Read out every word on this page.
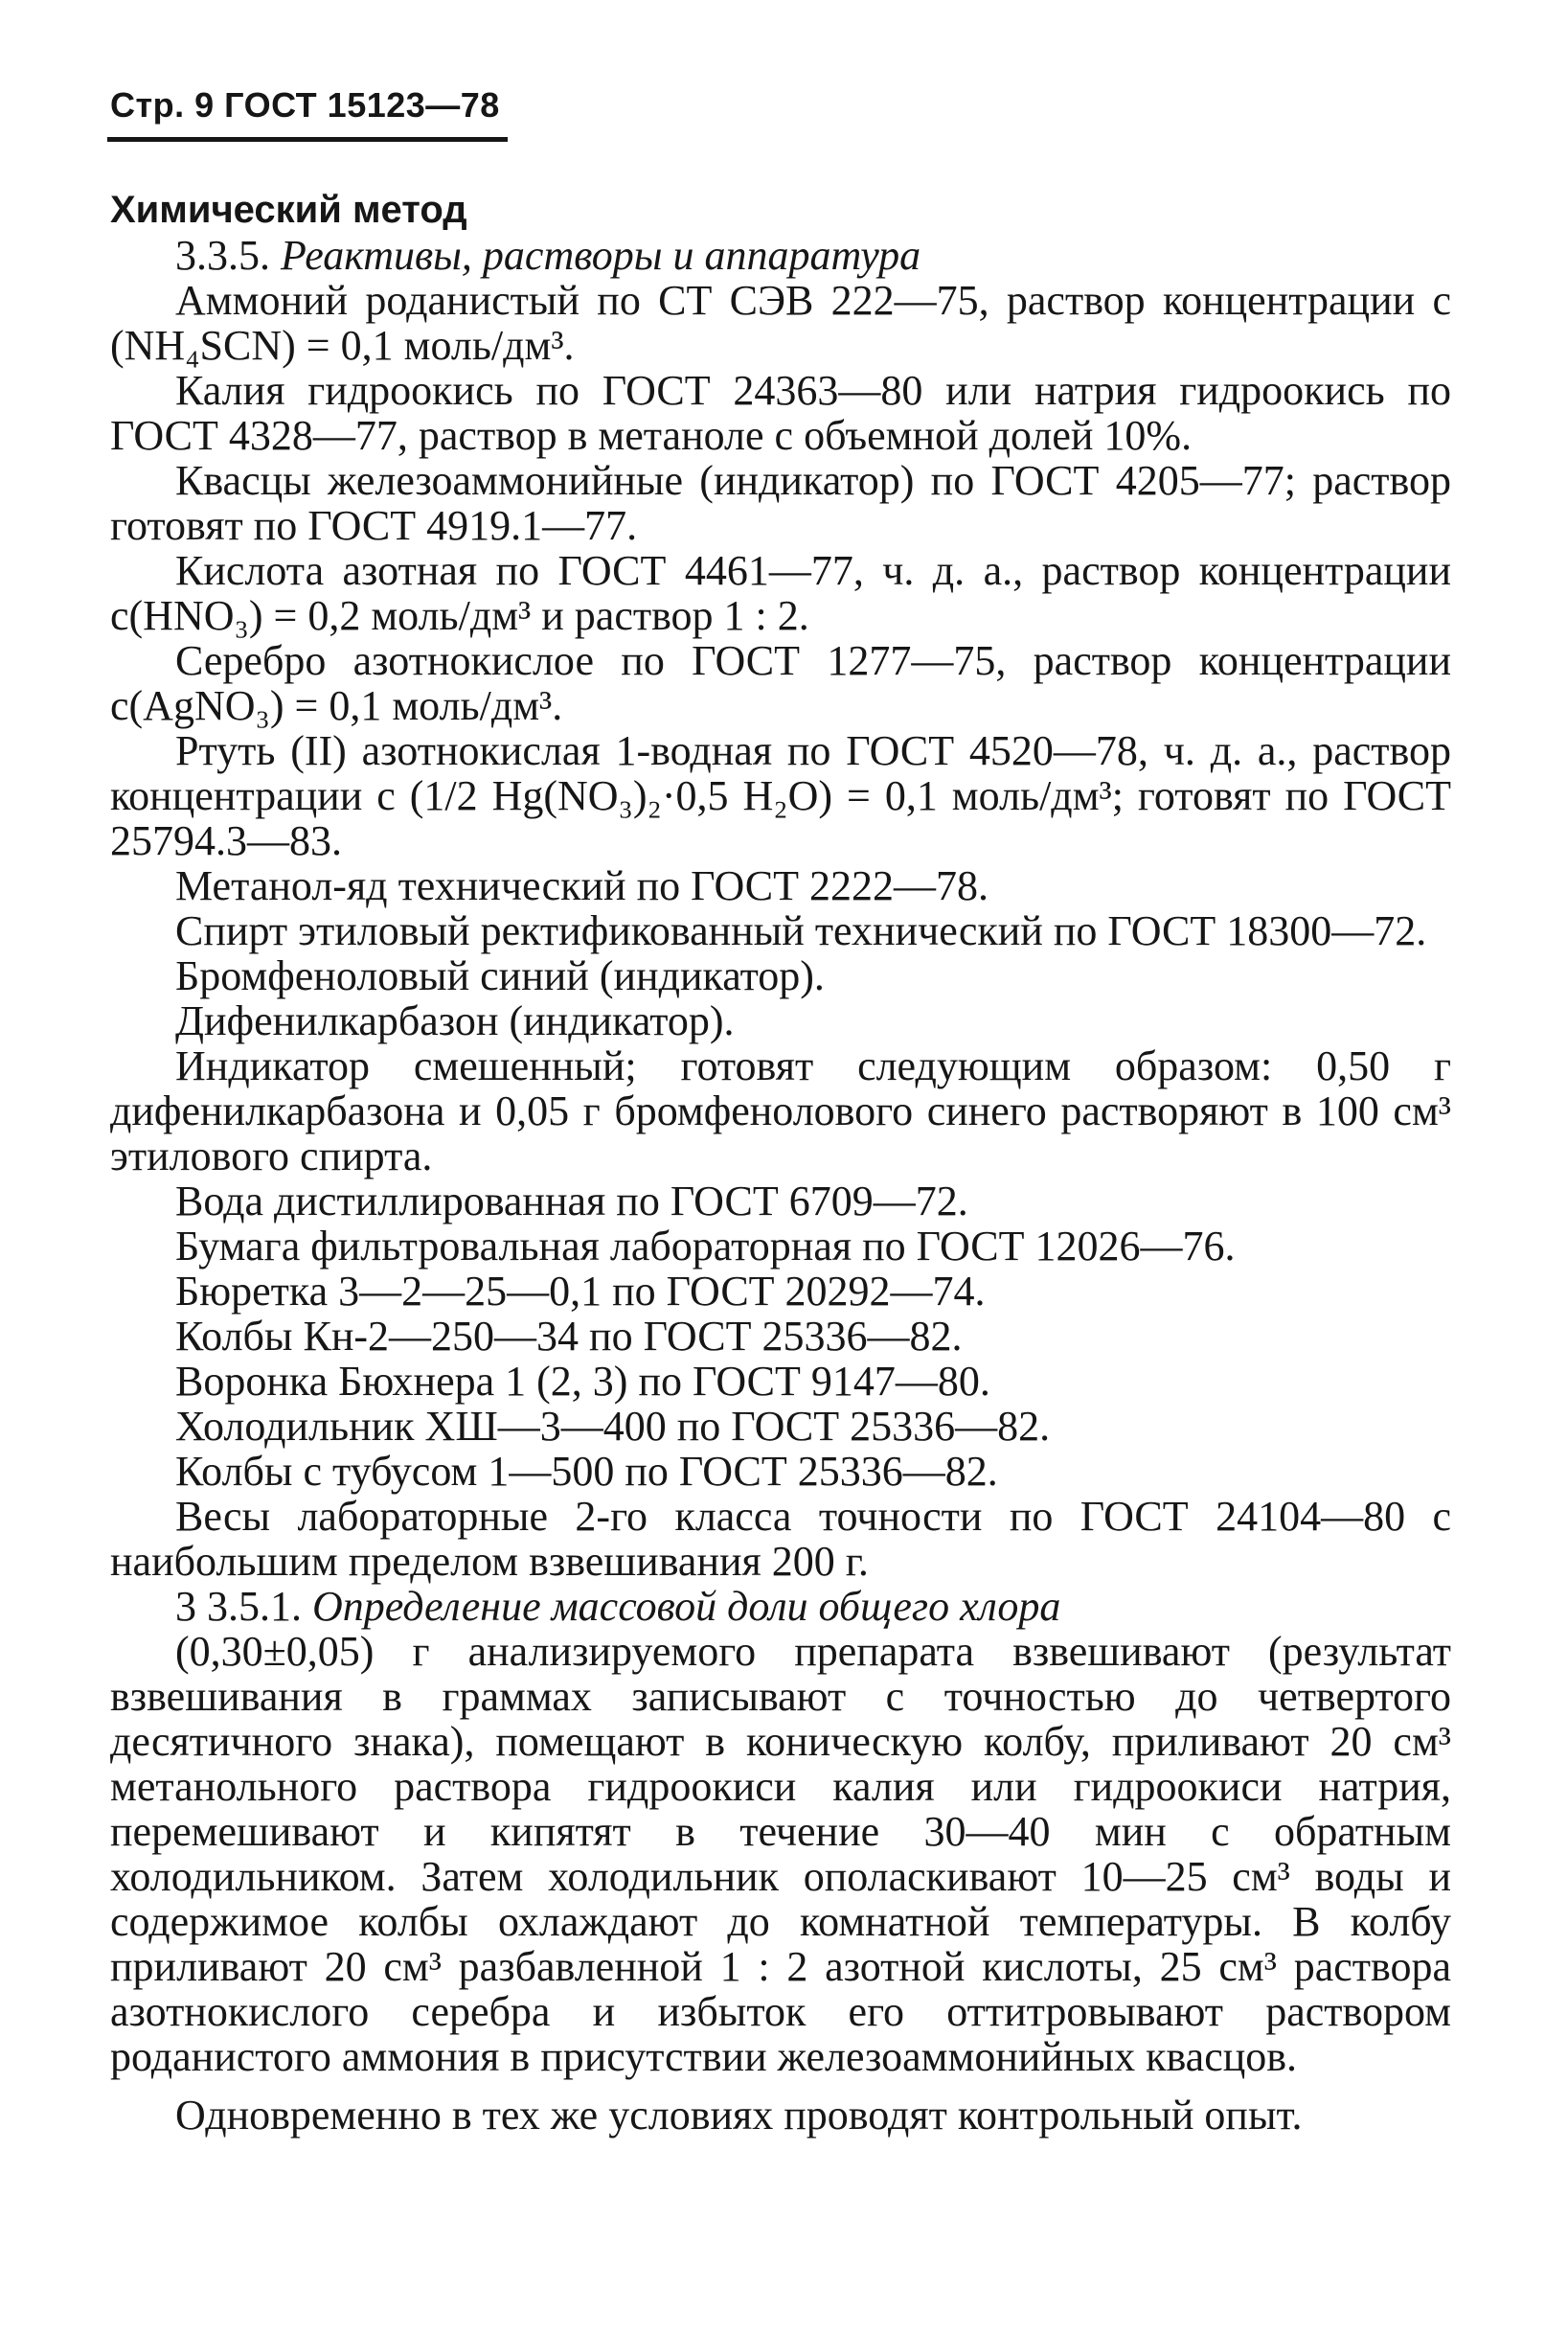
Стр. 9 ГОСТ 15123—78

Химический метод

3.3.5. Реактивы, растворы и аппаратура

Аммоний роданистый по СТ СЭВ 222—75, раствор концентрации с (NH₄SCN) = 0,1 моль/дм³.

Калия гидроокись по ГОСТ 24363—80 или натрия гидроокись по ГОСТ 4328—77, раствор в метаноле с объемной долей 10%.

Квасцы железоаммонийные (индикатор) по ГОСТ 4205—77; раствор готовят по ГОСТ 4919.1—77.

Кислота азотная по ГОСТ 4461—77, ч. д. а., раствор концентрации с(HNO₃) = 0,2 моль/дм³ и раствор 1 : 2.

Серебро азотнокислое по ГОСТ 1277—75, раствор концентрации с(AgNO₃) = 0,1 моль/дм³.

Ртуть (II) азотнокислая 1-водная по ГОСТ 4520—78, ч. д. а., раствор концентрации с (1/2 Hg(NO₃)₂·0,5 H₂O) = 0,1 моль/дм³; готовят по ГОСТ 25794.3—83.

Метанол-яд технический по ГОСТ 2222—78.

Спирт этиловый ректификованный технический по ГОСТ 18300—72.

Бромфеноловый синий (индикатор).

Дифенилкарбазон (индикатор).

Индикатор смешенный; готовят следующим образом: 0,50 г дифенилкарбазона и 0,05 г бромфенолового синего растворяют в 100 см³ этилового спирта.

Вода дистиллированная по ГОСТ 6709—72.

Бумага фильтровальная лабораторная по ГОСТ 12026—76.

Бюретка 3—2—25—0,1 по ГОСТ 20292—74.

Колбы Кн-2—250—34 по ГОСТ 25336—82.

Воронка Бюхнера 1 (2, 3) по ГОСТ 9147—80.

Холодильник ХШ—3—400 по ГОСТ 25336—82.

Колбы с тубусом 1—500 по ГОСТ 25336—82.

Весы лабораторные 2-го класса точности по ГОСТ 24104—80 с наибольшим пределом взвешивания 200 г.

3 3.5.1. Определение массовой доли общего хлора

(0,30±0,05) г анализируемого препарата взвешивают (результат взвешивания в граммах записывают с точностью до четвертого десятичного знака), помещают в коническую колбу, приливают 20 см³ метанольного раствора гидроокиси калия или гидроокиси натрия, перемешивают и кипятят в течение 30—40 мин с обратным холодильником. Затем холодильник ополаскивают 10—25 см³ воды и содержимое колбы охлаждают до комнатной температуры. В колбу приливают 20 см³ разбавленной 1 : 2 азотной кислоты, 25 см³ раствора азотнокислого серебра и избыток его оттитровывают раствором роданистого аммония в присутствии железоаммонийных квасцов.

Одновременно в тех же условиях проводят контрольный опыт.
